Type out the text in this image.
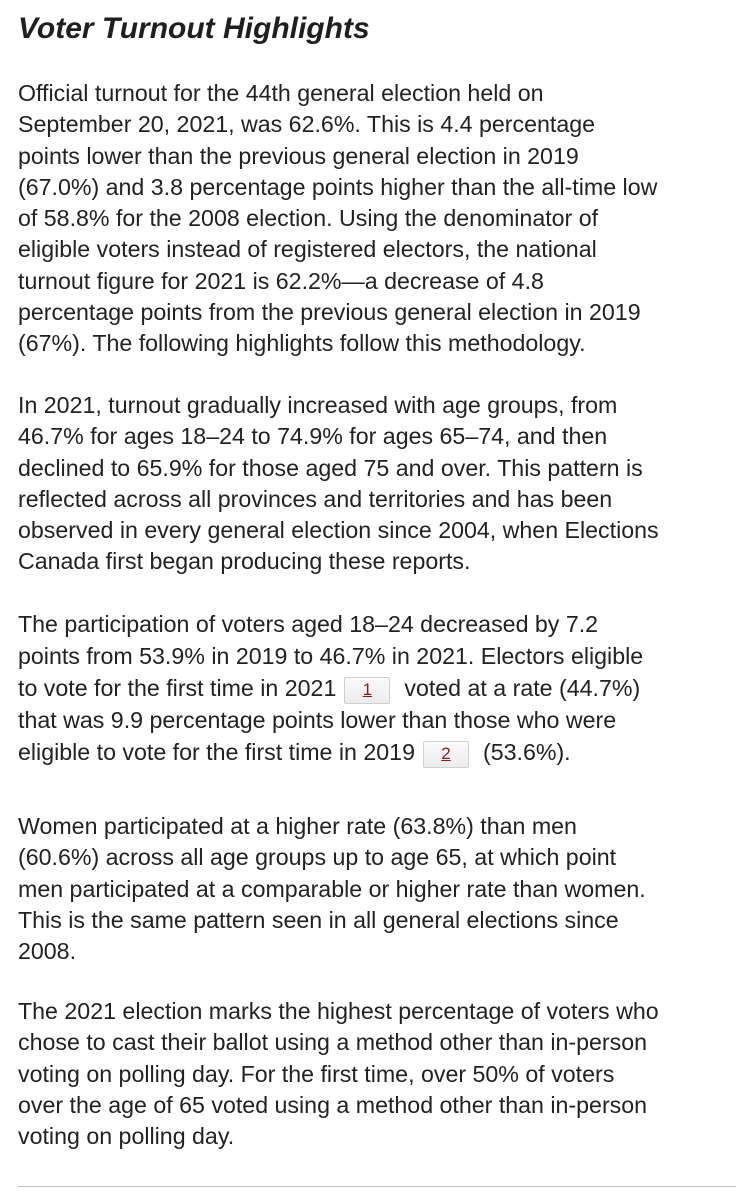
Voter Turnout Highlights

Official turnout for the 44th general election held on
September 20, 2021, was 62.6%. This is 4.4 percentage
points lower than the previous general election in 2019
(67.0%) and 3.8 percentage points higher than the all-time low
of 58.8% for the 2008 election. Using the denominator of
eligible voters instead of registered electors, the national
turnout figure for 2021 is 62.2%—a decrease of 4.8
percentage points from the previous general election in 2019
(67%). The following highlights follow this methodology.

In 2021, turnout gradually increased with age groups, from
46.7% for ages 18–24 to 74.9% for ages 65–74, and then
declined to 65.9% for those aged 75 and over. This pattern is
reflected across all provinces and territories and has been
observed in every general election since 2004, when Elections
Canada first began producing these reports.

The participation of voters aged 18–24 decreased by 7.2
points from 53.9% in 2019 to 46.7% in 2021. Electors eligible
to vote for the first time in 2021 1 voted at a rate (44.7%)
that was 9.9 percentage points lower than those who were
eligible to vote for the first time in 2019 2 (53.6%).

Women participated at a higher rate (63.8%) than men
(60.6%) across all age groups up to age 65, at which point
men participated at a comparable or higher rate than women.
This is the same pattern seen in all general elections since
2008.

The 2021 election marks the highest percentage of voters who
chose to cast their ballot using a method other than in-person
voting on polling day. For the first time, over 50% of voters
over the age of 65 voted using a method other than in-person
voting on polling day.
